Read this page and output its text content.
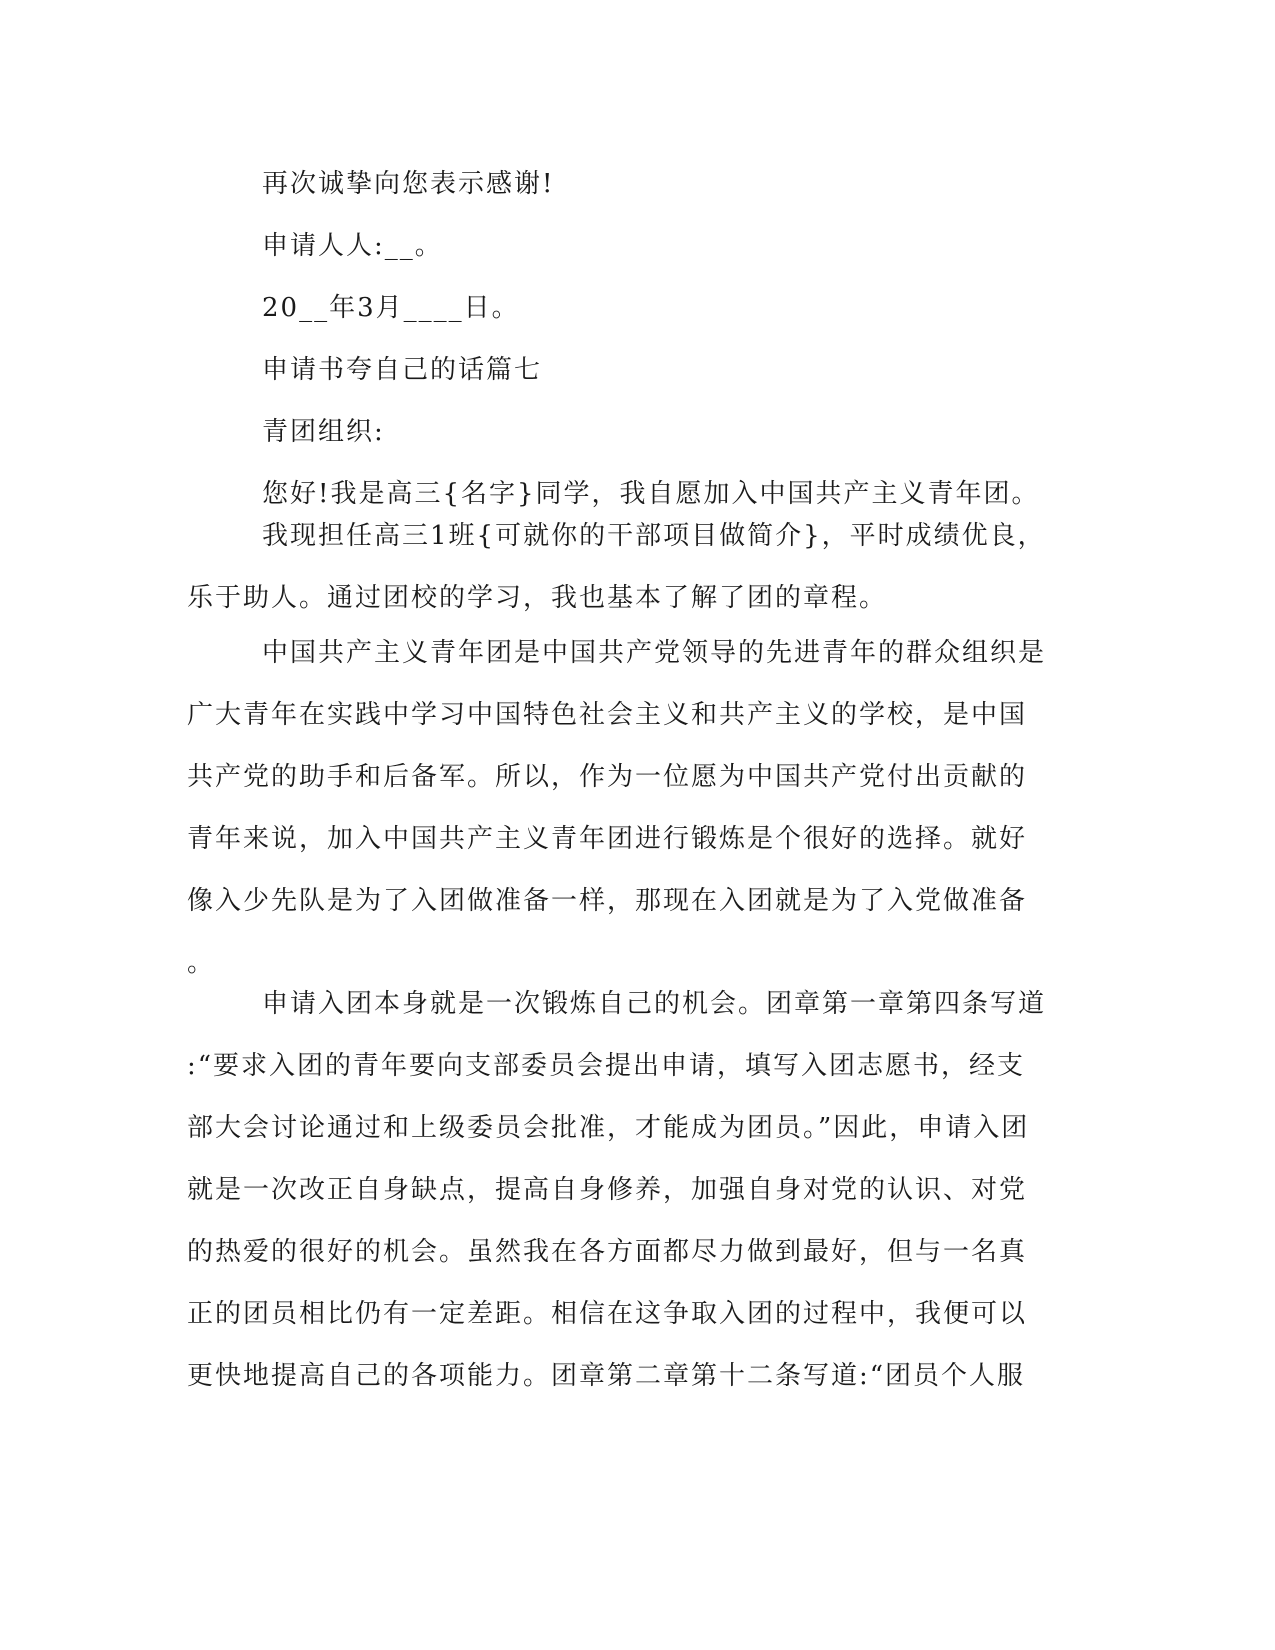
再次诚挚向您表示感谢!
申请人人:__。
20__年3月____日。
申请书夸自己的话篇七
青团组织:
您好!我是高三{名字}同学，我自愿加入中国共产主义青年团。
我现担任高三1班{可就你的干部项目做简介}，平时成绩优良，
乐于助人。通过团校的学习，我也基本了解了团的章程。
中国共产主义青年团是中国共产党领导的先进青年的群众组织是
广大青年在实践中学习中国特色社会主义和共产主义的学校，是中国
共产党的助手和后备军。所以，作为一位愿为中国共产党付出贡献的
青年来说，加入中国共产主义青年团进行锻炼是个很好的选择。就好
像入少先队是为了入团做准备一样，那现在入团就是为了入党做准备
。
申请入团本身就是一次锻炼自己的机会。团章第一章第四条写道
:“要求入团的青年要向支部委员会提出申请，填写入团志愿书，经支
部大会讨论通过和上级委员会批准，才能成为团员。”因此，申请入团
就是一次改正自身缺点，提高自身修养，加强自身对党的认识、对党
的热爱的很好的机会。虽然我在各方面都尽力做到最好，但与一名真
正的团员相比仍有一定差距。相信在这争取入团的过程中，我便可以
更快地提高自己的各项能力。团章第二章第十二条写道:“团员个人服
